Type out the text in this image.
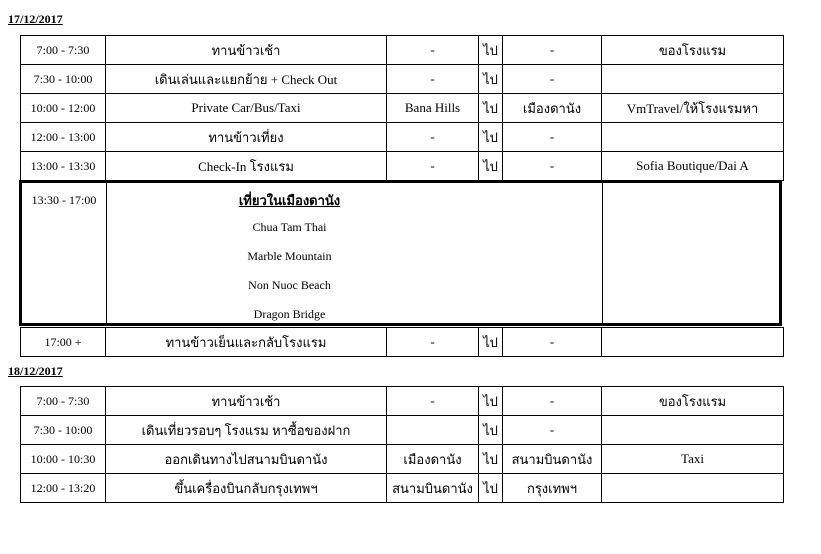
17/12/2017
7:00 - 7:30	ทานข้าวเช้า	-	ไป	-	ของโรงแรม
7:30 - 10:00	เดินเล่นและแยกย้าย + Check Out	-	ไป	-	
10:00 - 12:00	Private Car/Bus/Taxi	Bana Hills	ไป	เมืองดานัง	VmTravel/ให้โรงแรมหา
12:00 - 13:00	ทานข้าวเที่ยง	-	ไป	-	
13:00 - 13:30	Check-In โรงแรม	-	ไป	-	Sofia Boutique/Dai A
13:30 - 17:00	เที่ยวในเมืองดานัง
Chua Tam Thai
Marble Mountain
Non Nuoc Beach
Dragon Bridge
17:00 +	ทานข้าวเย็นและกลับโรงแรม	-	ไป	-	
18/12/2017
7:00 - 7:30	ทานข้าวเช้า	-	ไป	-	ของโรงแรม
7:30 - 10:00	เดินเที่ยวรอบๆ โรงแรม หาซื้อของฝาก		ไป	-	
10:00 - 10:30	ออกเดินทางไปสนามบินดานัง	เมืองดานัง	ไป	สนามบินดานัง	Taxi
12:00 - 13:20	ขึ้นเครื่องบินกลับกรุงเทพฯ	สนามบินดานัง	ไป	กรุงเทพฯ	
